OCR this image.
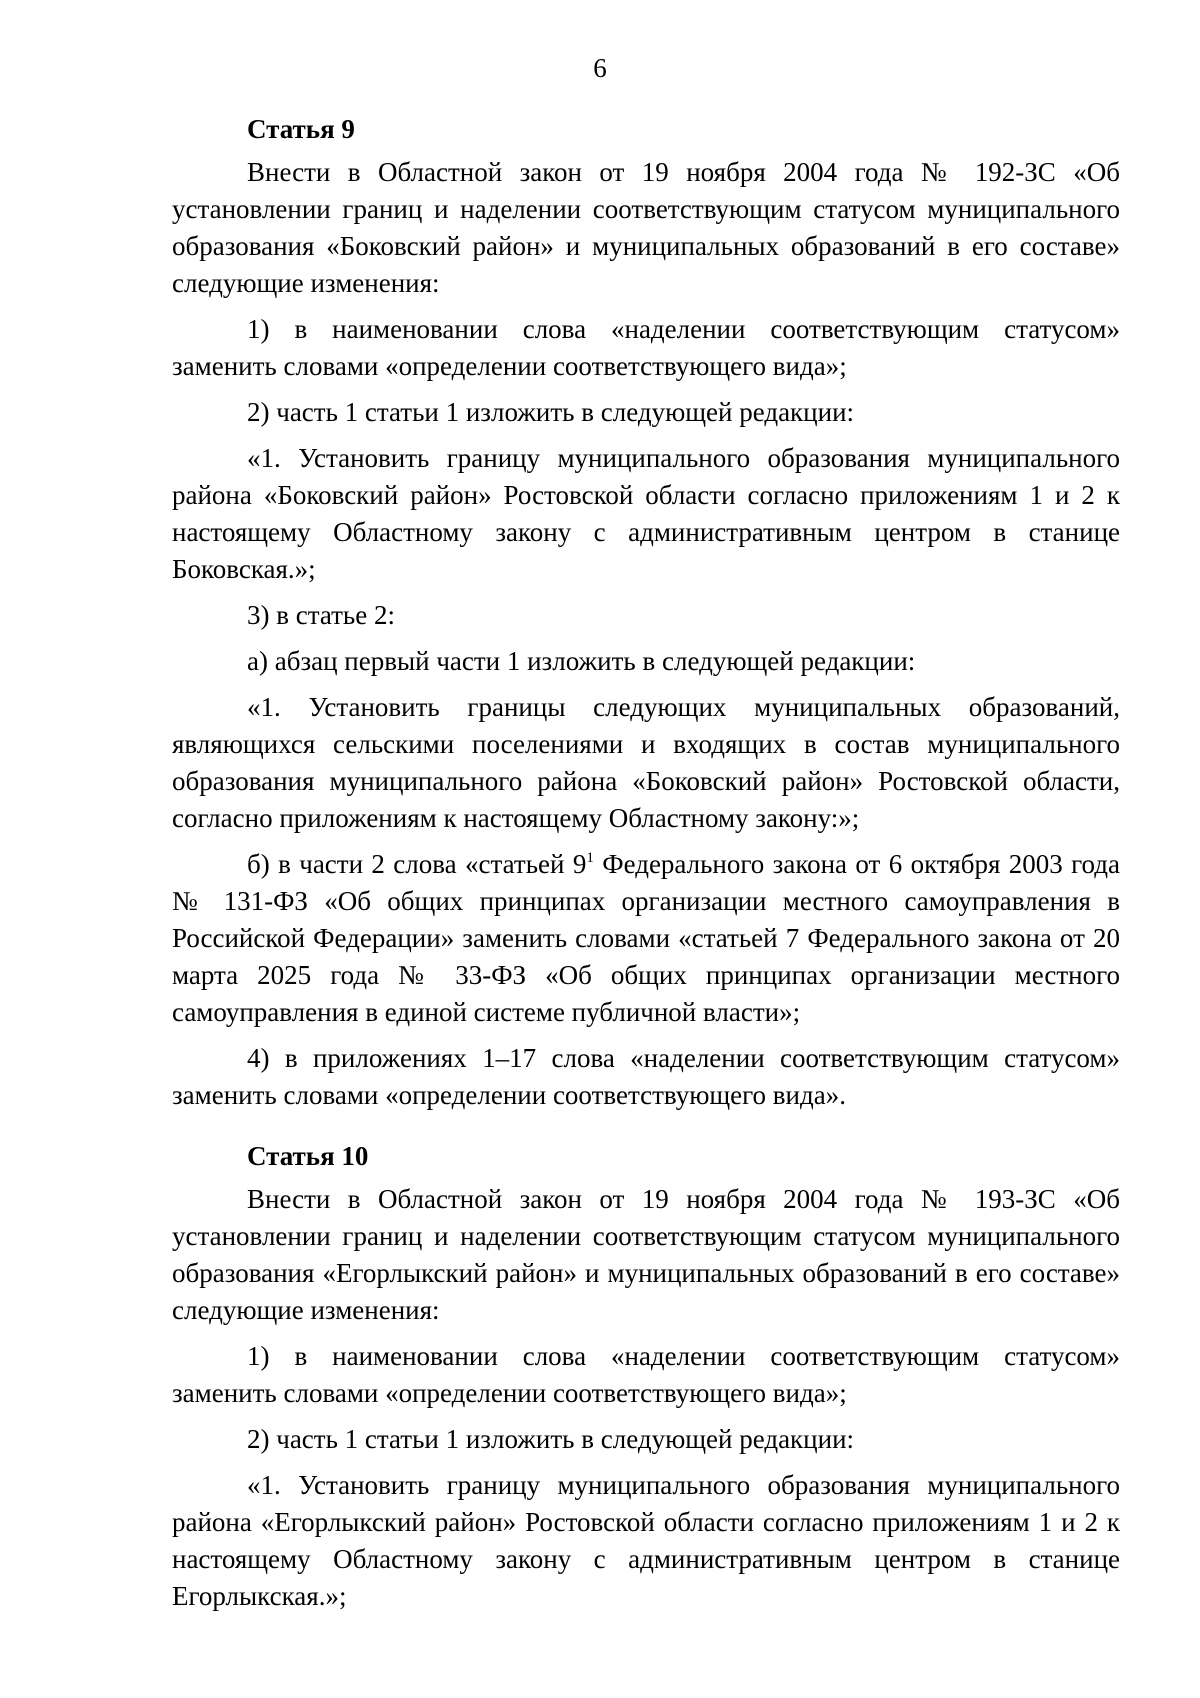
6
Статья 9

Внести в Областной закон от 19 ноября 2004 года № 192-ЗС «Об установлении границ и наделении соответствующим статусом муниципального образования «Боковский район» и муниципальных образований в его составе» следующие изменения:

1) в наименовании слова «наделении соответствующим статусом» заменить словами «определении соответствующего вида»;

2) часть 1 статьи 1 изложить в следующей редакции:

«1. Установить границу муниципального образования муниципального района «Боковский район» Ростовской области согласно приложениям 1 и 2 к настоящему Областному закону с административным центром в станице Боковская.»;

3) в статье 2:

а) абзац первый части 1 изложить в следующей редакции:

«1. Установить границы следующих муниципальных образований, являющихся сельскими поселениями и входящих в состав муниципального образования муниципального района «Боковский район» Ростовской области, согласно приложениям к настоящему Областному закону:»;

б) в части 2 слова «статьей $9^1$ Федерального закона от 6 октября 2003 года № 131-ФЗ «Об общих принципах организации местного самоуправления в Российской Федерации» заменить словами «статьей 7 Федерального закона от 20 марта 2025 года № 33-ФЗ «Об общих принципах организации местного самоуправления в единой системе публичной власти»;

4) в приложениях 1–17 слова «наделении соответствующим статусом» заменить словами «определении соответствующего вида».

Статья 10

Внести в Областной закон от 19 ноября 2004 года № 193-ЗС «Об установлении границ и наделении соответствующим статусом муниципального образования «Егорлыкский район» и муниципальных образований в его составе» следующие изменения:

1) в наименовании слова «наделении соответствующим статусом» заменить словами «определении соответствующего вида»;

2) часть 1 статьи 1 изложить в следующей редакции:

«1. Установить границу муниципального образования муниципального района «Егорлыкский район» Ростовской области согласно приложениям 1 и 2 к настоящему Областному закону с административным центром в станице Егорлыкская.»;
